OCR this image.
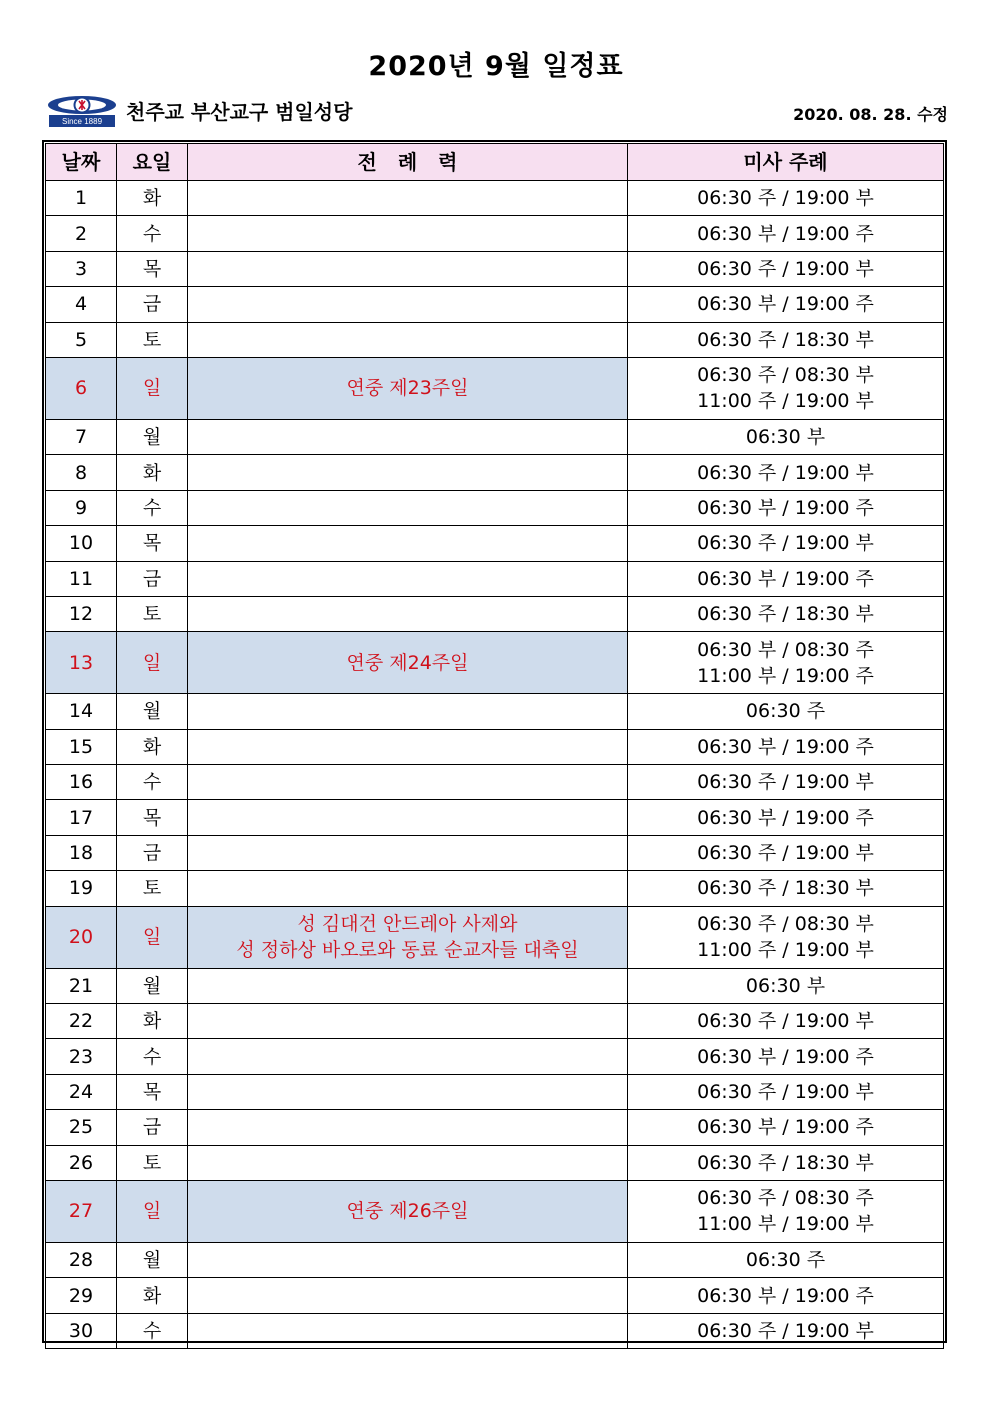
2020년 9월 일정표
Since 1889 천주교 부산교구 범일성당	2020. 08. 28. 수정
날짜	요일	전 례 력	미사 주례
1	화		06:30 주 / 19:00 부

2	수		06:30 부 / 19:00 주

3	목		06:30 주 / 19:00 부

4	금		06:30 부 / 19:00 주

5	토		06:30 주 / 18:30 부

6	일	연중 제23주일	06:30 주 / 08:30 부
11:00 주 / 19:00 부

7	월		06:30 부

8	화		06:30 주 / 19:00 부

9	수		06:30 부 / 19:00 주

10	목		06:30 주 / 19:00 부

11	금		06:30 부 / 19:00 주

12	토		06:30 주 / 18:30 부

13	일	연중 제24주일	06:30 부 / 08:30 주
11:00 부 / 19:00 주

14	월		06:30 주

15	화		06:30 부 / 19:00 주

16	수		06:30 주 / 19:00 부

17	목		06:30 부 / 19:00 주

18	금		06:30 주 / 19:00 부

19	토		06:30 주 / 18:30 부

20	일	성 김대건 안드레아 사제와
성 정하상 바오로와 동료 순교자들 대축일	06:30 주 / 08:30 부
11:00 주 / 19:00 부

21	월		06:30 부

22	화		06:30 주 / 19:00 부

23	수		06:30 부 / 19:00 주

24	목		06:30 주 / 19:00 부

25	금		06:30 부 / 19:00 주

26	토		06:30 주 / 18:30 부

27	일	연중 제26주일	06:30 주 / 08:30 주
11:00 부 / 19:00 부

28	월		06:30 주

29	화		06:30 부 / 19:00 주

30	수		06:30 주 / 19:00 부
